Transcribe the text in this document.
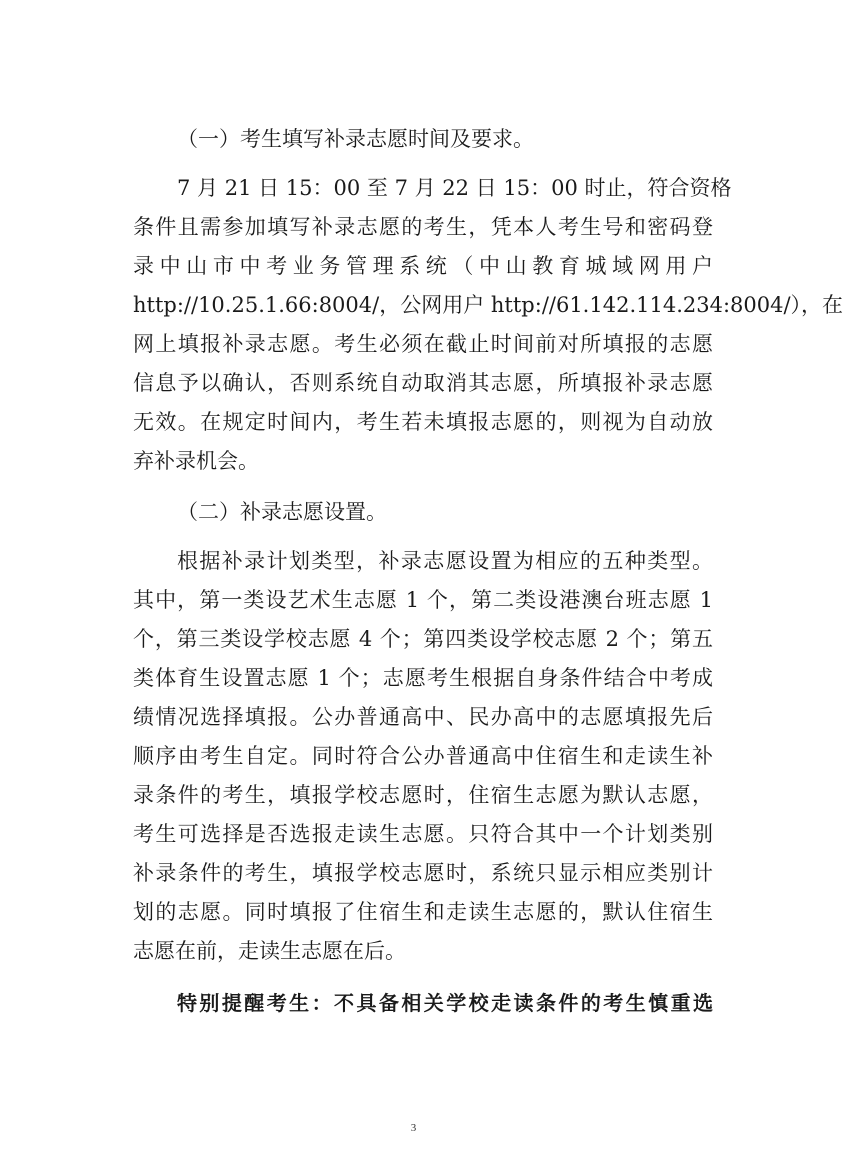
（一）考生填写补录志愿时间及要求。
7 月 21 日 15：00 至 7 月 22 日 15：00 时止，符合资格
条件且需参加填写补录志愿的考生，凭本人考生号和密码登
录中山市中考业务管理系统（中山教育城域网用户
http://10.25.1.66:8004/，公网用户 http://61.142.114.234:8004/），在
网上填报补录志愿。考生必须在截止时间前对所填报的志愿
信息予以确认，否则系统自动取消其志愿，所填报补录志愿
无效。在规定时间内，考生若未填报志愿的，则视为自动放
弃补录机会。
（二）补录志愿设置。
根据补录计划类型，补录志愿设置为相应的五种类型。
其中，第一类设艺术生志愿 1 个，第二类设港澳台班志愿 1
个，第三类设学校志愿 4 个；第四类设学校志愿 2 个；第五
类体育生设置志愿 1 个；志愿考生根据自身条件结合中考成
绩情况选择填报。公办普通高中、民办高中的志愿填报先后
顺序由考生自定。同时符合公办普通高中住宿生和走读生补
录条件的考生，填报学校志愿时，住宿生志愿为默认志愿，
考生可选择是否选报走读生志愿。只符合其中一个计划类别
补录条件的考生，填报学校志愿时，系统只显示相应类别计
划的志愿。同时填报了住宿生和走读生志愿的，默认住宿生
志愿在前，走读生志愿在后。
特别提醒考生：不具备相关学校走读条件的考生慎重选
3
